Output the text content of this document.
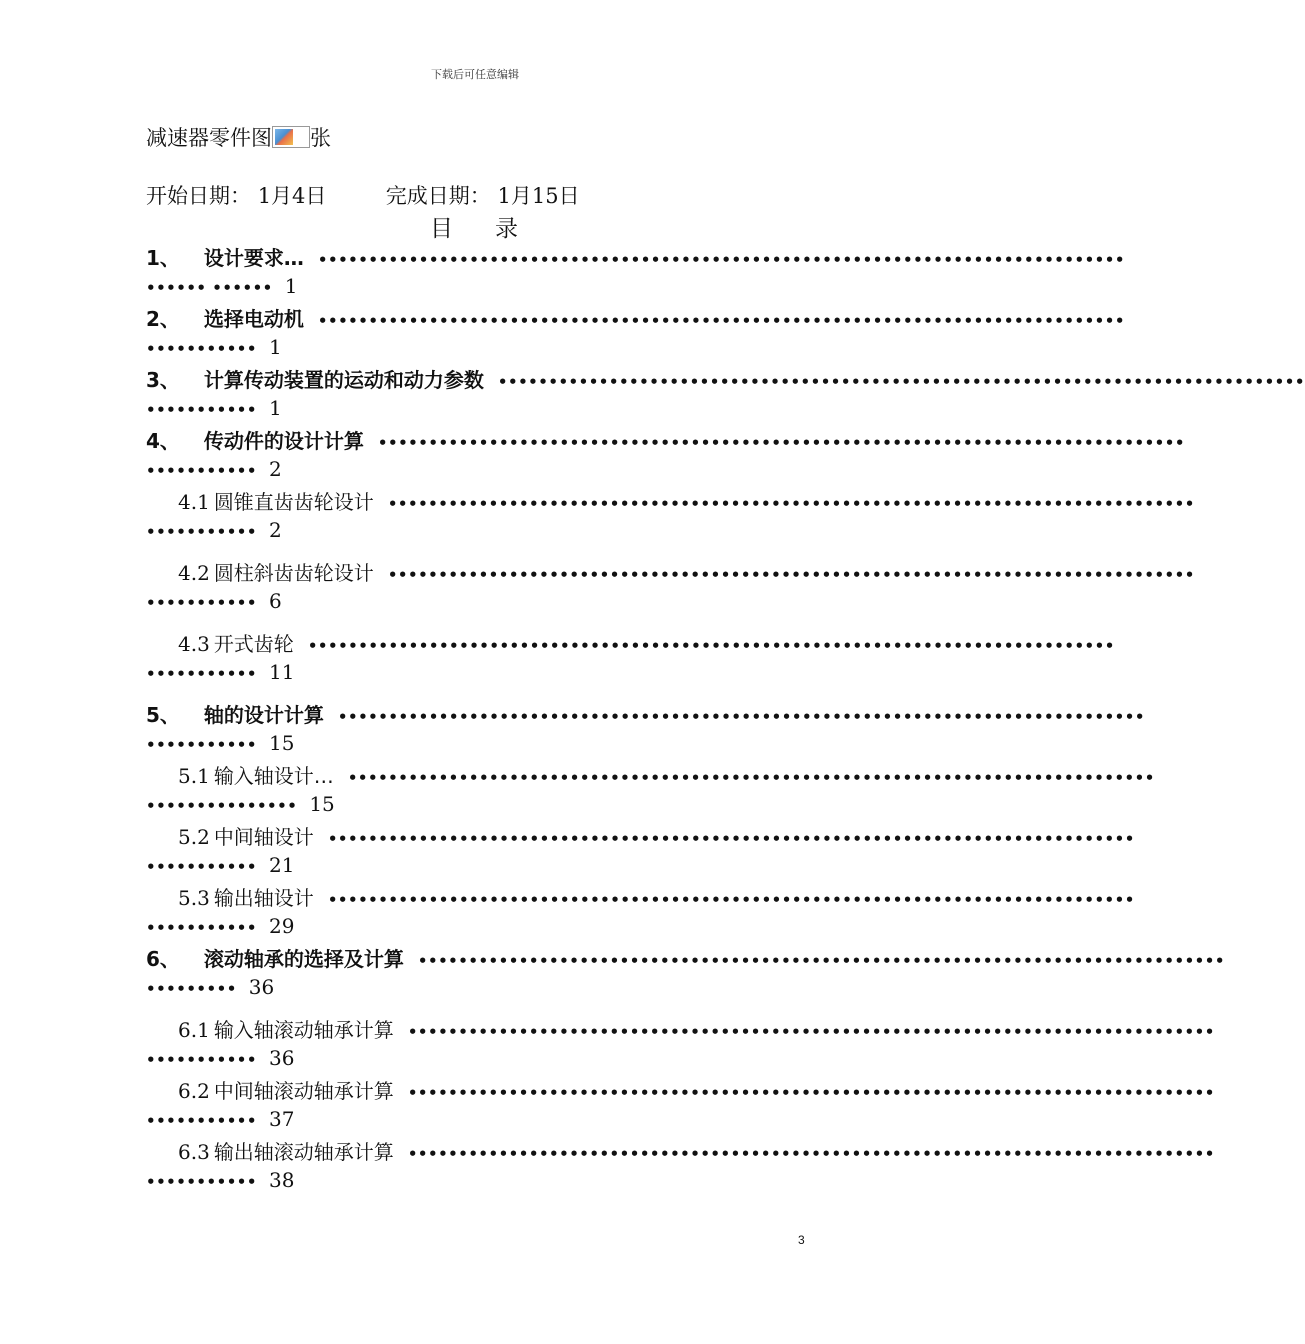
下载后可任意编辑
减速器零件图 张
开始日期： 1月4日	完成日期： 1月15日
目 录
1、 设计要求… ••••••••••••••••••••••••••••••••••••••••••••••••••••••••••••••••••••••••••••••••
•••••• •••••• 1
2、 选择电动机 ••••••••••••••••••••••••••••••••••••••••••••••••••••••••••••••••••••••••••••••••
••••••••••• 1
3、 计算传动装置的运动和动力参数 ••••••••••••••••••••••••••••••••••••••••••••••••••••••••••••••••••••••••••••••••
••••••••••• 1
4、 传动件的设计计算 ••••••••••••••••••••••••••••••••••••••••••••••••••••••••••••••••••••••••••••••••
••••••••••• 2
4.1 圆锥直齿齿轮设计 ••••••••••••••••••••••••••••••••••••••••••••••••••••••••••••••••••••••••••••••••
••••••••••• 2
4.2 圆柱斜齿齿轮设计 ••••••••••••••••••••••••••••••••••••••••••••••••••••••••••••••••••••••••••••••••
••••••••••• 6
4.3 开式齿轮 ••••••••••••••••••••••••••••••••••••••••••••••••••••••••••••••••••••••••••••••••
••••••••••• 11
5、 轴的设计计算 ••••••••••••••••••••••••••••••••••••••••••••••••••••••••••••••••••••••••••••••••
••••••••••• 15
5.1 输入轴设计… ••••••••••••••••••••••••••••••••••••••••••••••••••••••••••••••••••••••••••••••••
••••••••••••••• 15
5.2 中间轴设计 ••••••••••••••••••••••••••••••••••••••••••••••••••••••••••••••••••••••••••••••••
••••••••••• 21
5.3 输出轴设计 ••••••••••••••••••••••••••••••••••••••••••••••••••••••••••••••••••••••••••••••••
••••••••••• 29
6、 滚动轴承的选择及计算 ••••••••••••••••••••••••••••••••••••••••••••••••••••••••••••••••••••••••••••••••
••••••••• 36
6.1 输入轴滚动轴承计算 ••••••••••••••••••••••••••••••••••••••••••••••••••••••••••••••••••••••••••••••••
••••••••••• 36
6.2 中间轴滚动轴承计算 ••••••••••••••••••••••••••••••••••••••••••••••••••••••••••••••••••••••••••••••••
••••••••••• 37
6.3 输出轴滚动轴承计算 ••••••••••••••••••••••••••••••••••••••••••••••••••••••••••••••••••••••••••••••••
••••••••••• 38
3
